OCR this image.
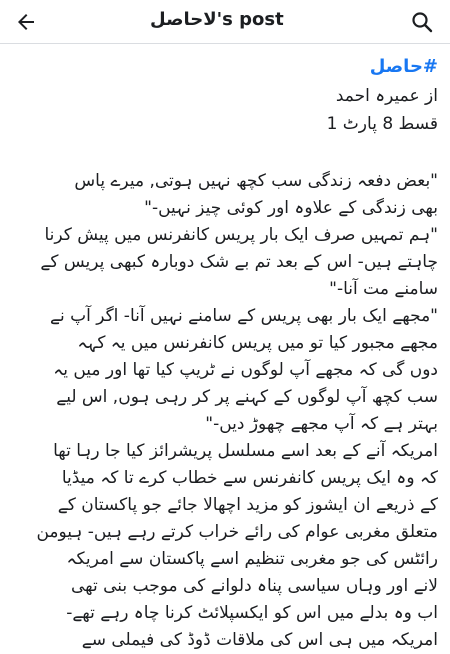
لاحاصل's post
#حاصل
از عمیرہ احمد
قسط 8 پارٹ 1
"بعض دفعہ زندگی سب کچھ نہیں ہوتی, میرے پاس
بھی زندگی کے علاوہ اور کوئی چیز نہیں-"
"ہم تمہیں صرف ایک بار پریس کانفرنس میں پیش کرنا
چاہتے ہیں- اس کے بعد تم بے شک دوبارہ کبھی پریس کے
سامنے مت آنا-"
"مجھے ایک بار بھی پریس کے سامنے نہیں آنا- اگر آپ نے
مجھے مجبور کیا تو میں پریس کانفرنس میں یہ کہہ
دوں گی کہ مجھے آپ لوگوں نے ٹریپ کیا تھا اور میں یہ
سب کچھ آپ لوگوں کے کہنے پر کر رہی ہوں, اس لیے
بہتر ہے کہ آپ مجھے چھوڑ دیں-"
امریکہ آنے کے بعد اسے مسلسل پریشرائز کیا جا رہا تھا
کہ وہ ایک پریس کانفرنس سے خطاب کرے تا کہ میڈیا
کے ذریعے ان ایشوز کو مزید اچھالا جائے جو پاکستان کے
متعلق مغربی عوام کی رائے خراب کرتے رہے ہیں- ہیومن
رائٹس کی جو مغربی تنظیم اسے پاکستان سے امریکہ
لانے اور وہاں سیاسی پناہ دلوانے کی موجب بنی تھی
اب وہ بدلے میں اس کو ایکسپلائٹ کرنا چاہ رہے تھے-
امریکہ میں ہی اس کی ملاقات ڈوڈ کی فیملی سے
